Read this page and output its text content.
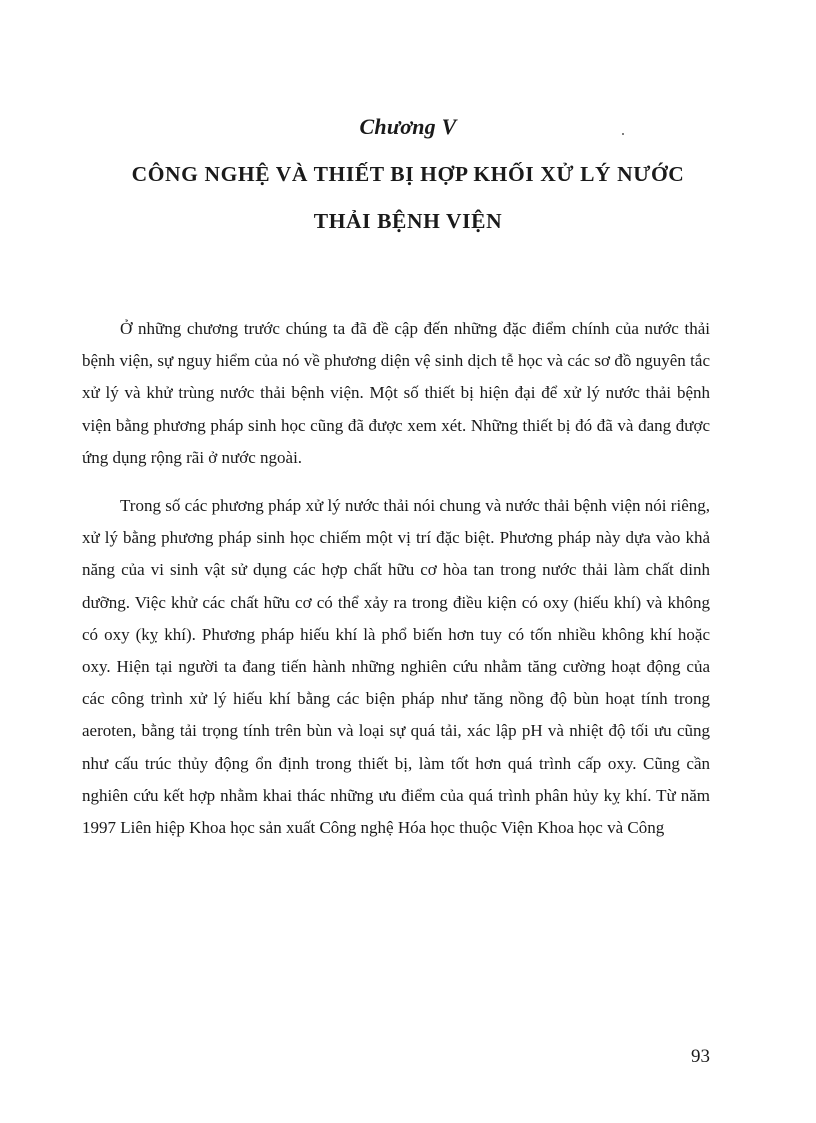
Chương V
CÔNG NGHỆ VÀ THIẾT BỊ HỢP KHỐI XỬ LÝ NƯỚC
THẢI BỆNH VIỆN

Ở những chương trước chúng ta đã đề cập đến những đặc điểm chính của nước thải bệnh viện, sự nguy hiểm của nó về phương diện vệ sinh dịch tễ học và các sơ đồ nguyên tắc xử lý và khử trùng nước thải bệnh viện. Một số thiết bị hiện đại để xử lý nước thải bệnh viện bằng phương pháp sinh học cũng đã được xem xét. Những thiết bị đó đã và đang được ứng dụng rộng rãi ở nước ngoài.

Trong số các phương pháp xử lý nước thải nói chung và nước thải bệnh viện nói riêng, xử lý bằng phương pháp sinh học chiếm một vị trí đặc biệt. Phương pháp này dựa vào khả năng của vi sinh vật sử dụng các hợp chất hữu cơ hòa tan trong nước thải làm chất dinh dưỡng. Việc khử các chất hữu cơ có thể xảy ra trong điều kiện có oxy (hiếu khí) và không có oxy (kỵ khí). Phương pháp hiếu khí là phổ biến hơn tuy có tốn nhiều không khí hoặc oxy. Hiện tại người ta đang tiến hành những nghiên cứu nhằm tăng cường hoạt động của các công trình xử lý hiếu khí bằng các biện pháp như tăng nồng độ bùn hoạt tính trong aeroten, bằng tải trọng tính trên bùn và loại sự quá tải, xác lập pH và nhiệt độ tối ưu cũng như cấu trúc thủy động ổn định trong thiết bị, làm tốt hơn quá trình cấp oxy. Cũng cần nghiên cứu kết hợp nhằm khai thác những ưu điểm của quá trình phân hủy kỵ khí. Từ năm 1997 Liên hiệp Khoa học sản xuất Công nghệ Hóa học thuộc Viện Khoa học và Công

93
